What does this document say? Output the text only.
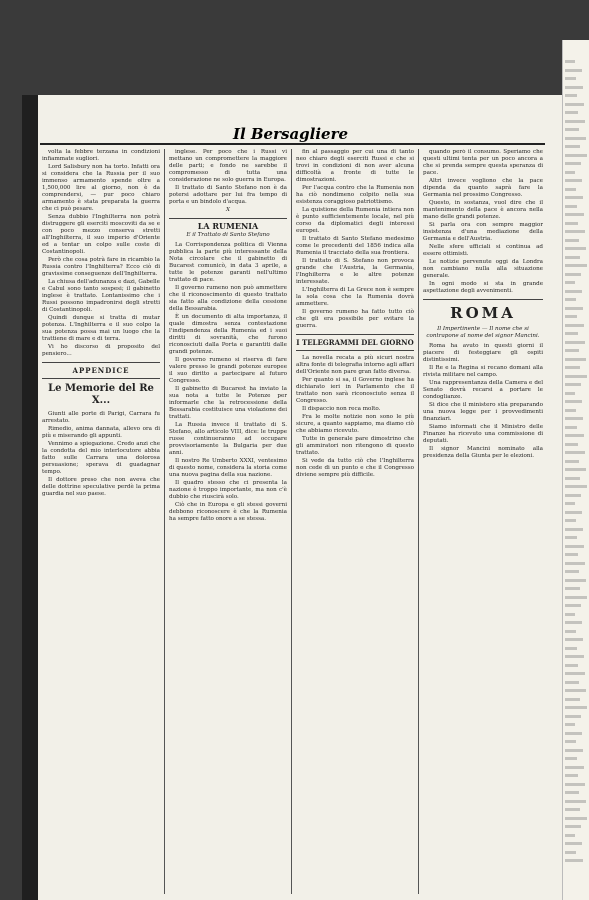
Il Bersagliere

volta la febbre terzana in condizioni infiammate sugliori.

Lord Salisbury non ha torto. Infatti ora si considera che la Russia per il suo immenso armamento spende oltre a 1,500,000 lire al giorno, non è da comprendersi, — pur poco chiaro armamento è stata preparata la guerra che ci può pesare.

Senza dubbio l'Inghilterra non potrà distruggere gli eserciti moscoviti da se e con poco mezzo conserva stretti all'Inghilterra, il suo imperio d'Oriente ed a tentar un colpo sulle coste di Costantinopoli.

Però che cosa potrà fare in ricambio la Russia contro l'Inghilterra? Ecco ciò di gravissime conseguenze dell'Inghilterra.

La chiusa dell'adunanza e dazi, Gabelle e Cabul sono tanto sospesi; il gabinetto inglese è trattato. Lontanissimo che i Russi possono impadronirsi degli stretti di Costantinopoli.

Quindi dunque si tratta di mutar potenza. L'Inghilterra e il suo colpo la sua potenza possa mai un luogo che la trattiene di mare e di terra.

Vi ho discorso di proposito del pensiero...

APPENDICE
Le Memorie del Re X...

Giunti alle porte di Parigi, Carrara fu arrestato.

Rimedio, anima dannata, allevo ora di più e miserando gli appunti.

Vennimo a spiegazione. Credo anzi che la condotta del mio interlocutore abbia fatto sulle Carrara una dolorosa persuasione; sperava di guadagnar tempo.

Il dottore preso che non aveva che delle dottrine speculative perdè la prima guardia nel suo paese.

inglese. Per poco che i Russi vi mettano un compromettere la maggiore delle parti; e fondo ne sarebbe il compromesso di tutta una considerazione ne solo guerra in Europa.

Il trattato di Santo Stefano non è da potersi adottare per lui fra tempo di porta e un bindolo d'acqua.

X
LA RUMENIA
E il Trattato di Santo Stefano

La Corrispondenza politica di Vienna pubblica la parte più interessante della Nota circolare che il gabinetto di Bucarest comunicò, in data 3 aprile, a tutte le potenze garanti nell'ultimo trattato di pace.

Il governo rumeno non può ammettere che il riconoscimento di questo trattato sia fatto alla condizione della cessione della Bessarabia.

È un documento di alta importanza, il quale dimostra senza contestazione l'indipendenza della Rumenia ed i suoi diritti di sovranità, che furono riconosciuti dalla Porta e garantiti dalle grandi potenze.

Il governo rumeno si riserva di fare valere presso le grandi potenze europee il suo diritto a partecipare al futuro Congresso.

Il gabinetto di Bucarest ha inviato la sua nota a tutte le Potenze per informarle che la retrocessione della Bessarabia costituisce una violazione dei trattati.

La Russia invece il trattato di S. Stefano, allo articolo VIII, dice: le truppe russe continueranno ad occupare provvisoriamente la Bulgaria per due anni.

Il nostro Re Umberto XXXI, ventesimo di questo nome, considera la storia come una nuova pagina della sua nazione.

Il quadro stesso che ci presenta la nazione è troppo importante, ma non c'è dubbio che riuscirà solo.

Ciò che in Europa e gli stessi governi debbono riconoscere è che la Rumenia ha sempre fatto onore a se stessa.

fin al passaggio per cui una di tanto neo chiaro degli eserciti Russi e che si trovi in condizioni di non aver alcuna difficoltà a fronte di tutte le dimostrazioni.

Per l'acqua contro che la Rumenia non ha ciò nondimeno colpito nella sua esistenza coraggioso patriottismo.

La quistione della Rumenia intiera non è punto sufficientemente locale, nel più corso da diplomatici degli interessi europei.

Il trattato di Santo Stefano medesimo come le precedenti del 1856 indica alla Rumenia il tracciato della sua frontiera.

Il trattato di S. Stefano non provoca grande che l'Austria, la Germania, l'Inghilterra e le altre potenze interessate.

L'Inghilterra di La Grece non è sempre la sola cosa che la Rumenia dovrà ammettere.

Il governo rumeno ha fatto tutto ciò che gli era possibile per evitare la guerra.

I TELEGRAMMI DEL GIORNO

La novella recata a più sicuri nostra altra fonte di telegrafia intorno agli affari dell'Oriente non pare gran fatto diversa.

Per quanto si sa, il Governo inglese ha dichiarato ieri in Parlamento che il trattato non sarà riconosciuto senza il Congresso.

Il dispaccio non reca molto.

Fra le molte notizie non sono le più sicure, a quanto sappiamo, ma diamo ciò che abbiamo ricevuto.

Tutte in generale pare dimostrino che gli ammiratori non ritengono di questo trattato.

Si vede da tutto ciò che l'Inghilterra non cede di un punto e che il Congresso diviene sempre più difficile.

quando però il consumo. Speriamo che questi ultimi tenta per un poco ancora a che si prenda sempre questa speranza di pace.

Altri invece vogliono che la pace dipenda da quanto saprà fare la Germania nel prossimo Congresso.

Questo, in sostanza, vuol dire che il mantenimento della pace è ancora nella mano delle grandi potenze.

Si parla ora con sempre maggior insistenza d'una mediazione della Germania e dell'Austria.

Nelle sfere ufficiali si continua ad essere ottimisti.

Le notizie pervenute oggi da Londra non cambiano nulla alla situazione generale.

In ogni modo si sta in grande aspettazione degli avvenimenti.

ROMA
Il Impertinente — Il nome che si contrapone al nome del signor Mancini.

Roma ha avuto in questi giorni il piacere di festeggiare gli ospiti distintissimi.

Il Re e la Regina si recano domani alla rivista militare nel campo.

Una rappresentanza della Camera e del Senato dovrà recarsi a portare le condoglianze.

Si dice che il ministero stia preparando una nuova legge per i provvedimenti finanziari.

Siamo informati che il Ministro delle Finanze ha ricevuto una commissione di deputati.

Il signor Mancini nominato alla presidenza della Giunta per le elezioni.
